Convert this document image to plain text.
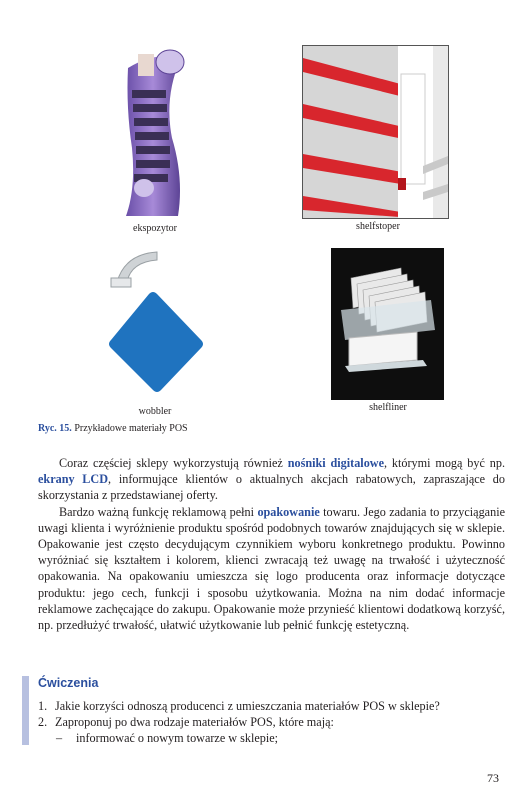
ekspozytor	shelfstoper
wobbler	shelfliner
Ryc. 15. Przykładowe materiały POS

Coraz częściej sklepy wykorzystują również nośniki digitalowe, którymi mogą być np. ekrany LCD, informujące klientów o aktualnych akcjach rabatowych, zapraszające do skorzystania z przedstawianej oferty.

Bardzo ważną funkcję reklamową pełni opakowanie towaru. Jego zadania to przyciąganie uwagi klienta i wyróżnienie produktu spośród podobnych towarów znajdujących się w sklepie. Opakowanie jest często decydującym czynnikiem wyboru konkretnego produktu. Powinno wyróżniać się kształtem i kolorem, klienci zwracają też uwagę na trwałość i użyteczność opakowania. Na opakowaniu umieszcza się logo producenta oraz informacje dotyczące produktu: jego cech, funkcji i sposobu użytkowania. Można na nim dodać informacje reklamowe zachęcające do zakupu. Opakowanie może przynieść klientowi dodatkową korzyść, np. przedłużyć trwałość, ułatwić użytkowanie lub pełnić funkcję estetyczną.

Ćwiczenia
1. Jakie korzyści odnoszą producenci z umieszczania materiałów POS w sklepie?
2. Zaproponuj po dwa rodzaje materiałów POS, które mają:
– informować o nowym towarze w sklepie;
73
